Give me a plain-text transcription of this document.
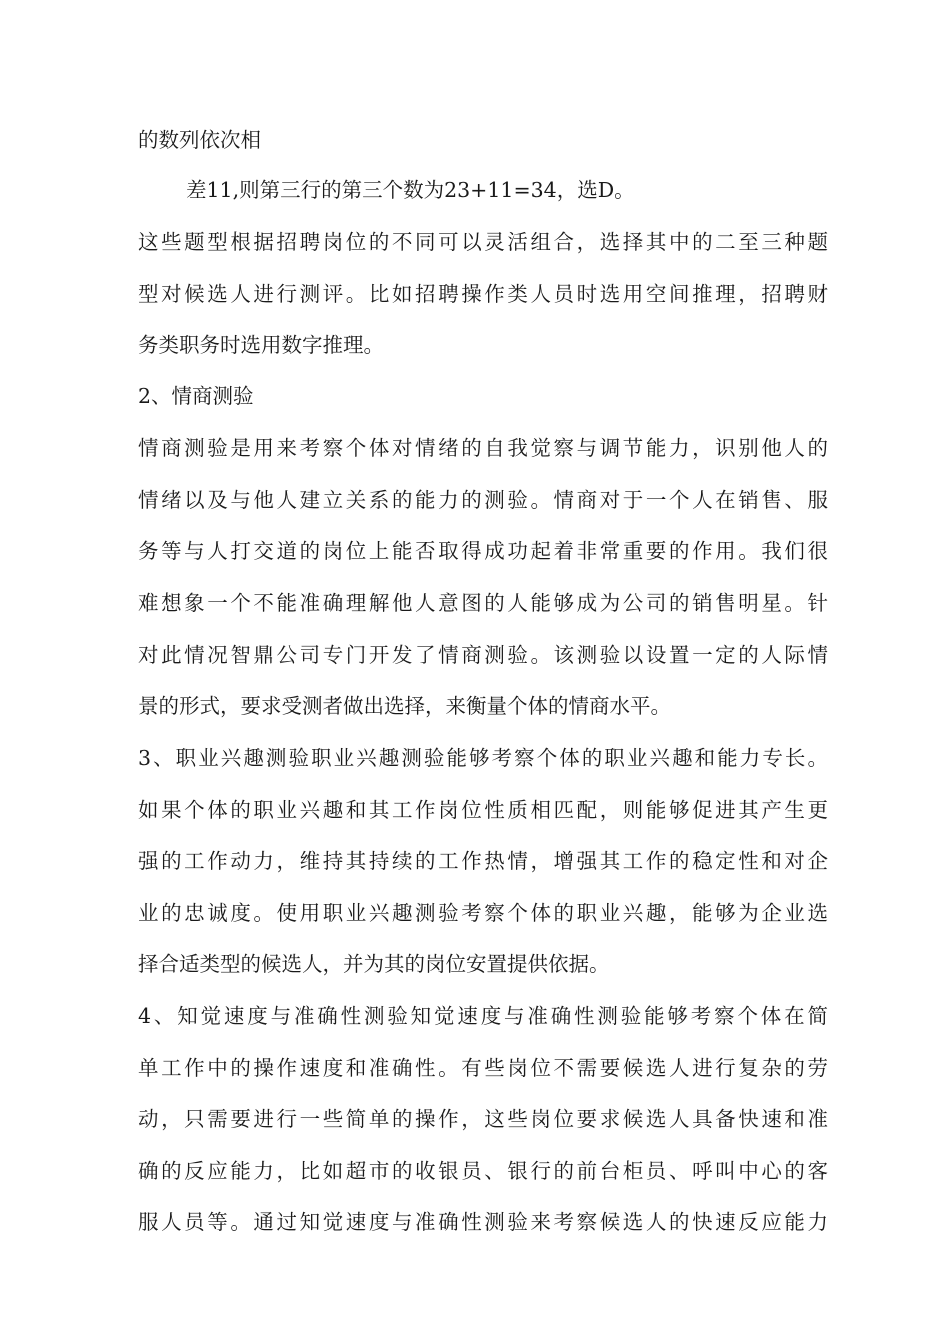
的数列依次相
差11,则第三行的第三个数为23+11=34，选D。
这些题型根据招聘岗位的不同可以灵活组合，选择其中的二至三种题
型对候选人进行测评。比如招聘操作类人员时选用空间推理，招聘财
务类职务时选用数字推理。
2、情商测验
情商测验是用来考察个体对情绪的自我觉察与调节能力，识别他人的
情绪以及与他人建立关系的能力的测验。情商对于一个人在销售、服
务等与人打交道的岗位上能否取得成功起着非常重要的作用。我们很
难想象一个不能准确理解他人意图的人能够成为公司的销售明星。针
对此情况智鼎公司专门开发了情商测验。该测验以设置一定的人际情
景的形式，要求受测者做出选择，来衡量个体的情商水平。
3、职业兴趣测验职业兴趣测验能够考察个体的职业兴趣和能力专长。
如果个体的职业兴趣和其工作岗位性质相匹配，则能够促进其产生更
强的工作动力，维持其持续的工作热情，增强其工作的稳定性和对企
业的忠诚度。使用职业兴趣测验考察个体的职业兴趣，能够为企业选
择合适类型的候选人，并为其的岗位安置提供依据。
4、知觉速度与准确性测验知觉速度与准确性测验能够考察个体在简
单工作中的操作速度和准确性。有些岗位不需要候选人进行复杂的劳
动，只需要进行一些简单的操作，这些岗位要求候选人具备快速和准
确的反应能力，比如超市的收银员、银行的前台柜员、呼叫中心的客
服人员等。通过知觉速度与准确性测验来考察候选人的快速反应能力
